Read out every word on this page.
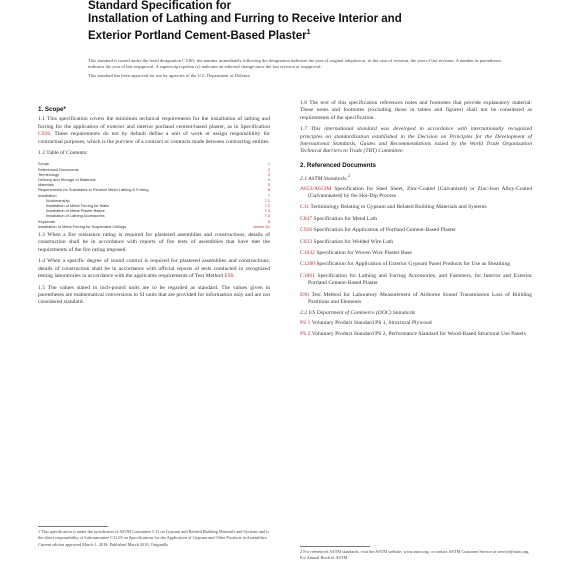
Standard Specification for
Installation of Lathing and Furring to Receive Interior and
Exterior Portland Cement-Based Plaster$^1$

This standard is issued under the fixed designation C1063; the number immediately following the designation indicates the year of original adoption or, in the case of revision, the year of last revision. A number in parentheses indicates the year of last reapproval. A superscript epsilon (ε) indicates an editorial change since the last revision or reapproval.

This standard has been approved for use by agencies of the U.S. Department of Defense.

1. Scope*

1.1 This specification covers the minimum technical requirements for the installation of lathing and furring for the application of exterior and interior portland cement-based plaster, as in Specification C926. These requirements do not by default define a unit of work or assign responsibility for contractual purposes, which is the purview of a contract or contracts made between contracting entities.

1.2 Table of Contents:

Scope	1
Referenced Documents	2
Terminology	3
Delivery and Storage of Materials	4
Materials	5
Requirements for Substrates to Receive Metal Lathing & Furring	6
Installation	7
Workmanship	7.1
Installation of Metal Furring for Walls	7.2
Installation of Metal Plaster Bases	7.3
Installation of Lathing Accessories	7.4
Keywords	8
Installation of Metal Furring for Suspended Ceilings	Annex A1

1.3 When a fire resistance rating is required for plastered assemblies and constructions, details of construction shall be in accordance with reports of fire tests of assemblies that have met the requirements of the fire rating imposed.

1.4 When a specific degree of sound control is required for plastered assemblies and constructions, details of construction shall be in accordance with official reports of tests conducted in recognized testing laboratories in accordance with the applicable requirements of Test Method E90.

1.5 The values stated in inch-pound units are to be regarded as standard. The values given in parentheses are mathematical conversions to SI units that are provided for information only and are not considered standard.

1.6 The text of this specification references notes and footnotes that provide explanatory material. These notes and footnotes (excluding those in tables and figures) shall not be considered as requirements of the specification.

1.7 This international standard was developed in accordance with internationally recognized principles on standardization established in the Decision on Principles for the Development of International Standards, Guides and Recommendations issued by the World Trade Organization Technical Barriers to Trade (TBT) Committee.

2. Referenced Documents

2.1 ASTM Standards:$^2$

A653/A653M Specification for Steel Sheet, Zinc-Coated (Galvanized) or Zinc-Iron Alloy-Coated (Galvannealed) by the Hot-Dip Process

C11 Terminology Relating to Gypsum and Related Building Materials and Systems

C847 Specification for Metal Lath

C926 Specification for Application of Portland Cement-Based Plaster

C933 Specification for Welded Wire Lath

C1032 Specification for Woven Wire Plaster Base

C1280 Specification for Application of Exterior Gypsum Panel Products for Use as Sheathing

C1861 Specification for Lathing and Furring Accessories, and Fasteners, for Interior and Exterior Portland Cement-Based Plaster

E90 Test Method for Laboratory Measurement of Airborne Sound Transmission Loss of Building Partitions and Elements

2.2 US Department of Commerce (DOC) Standards

PS 1 Voluntary Product Standard PS 1, Structural Plywood

PS 2 Voluntary Product Standard PS 2, Performance Standard for Wood-Based Structural Use Panels

1 This specification is under the jurisdiction of ASTM Committee C11 on Gypsum and Related Building Materials and Systems and is the direct responsibility of Subcommittee C11.03 on Specifications for the Application of Gypsum and Other Products in Assemblies.

Current edition approved March 1, 2018. Published March 2018. Originally

2 For referenced ASTM standards, visit the ASTM website, www.astm.org, or contact ASTM Customer Service at service@astm.org. For Annual Book of ASTM
